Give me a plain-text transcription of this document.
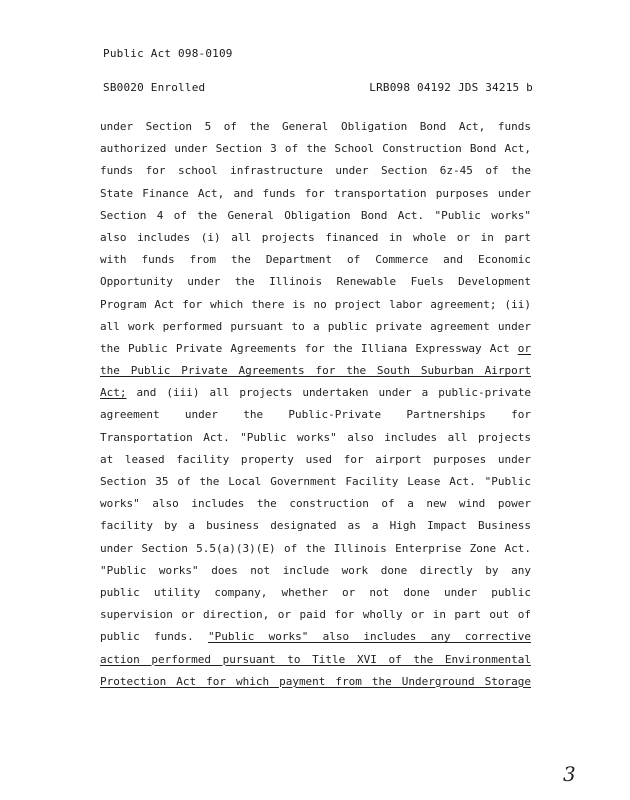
Public Act 098-0109
SB0020 Enrolled	LRB098 04192 JDS 34215 b
under Section 5 of the General Obligation Bond Act, funds
authorized under Section 3 of the School Construction Bond Act,
funds for school infrastructure under Section 6z-45 of the
State Finance Act, and funds for transportation purposes under
Section 4 of the General Obligation Bond Act. "Public works"
also includes (i) all projects financed in whole or in part
with funds from the Department of Commerce and Economic
Opportunity under the Illinois Renewable Fuels Development
Program Act for which there is no project labor agreement; (ii)
all work performed pursuant to a public private agreement under
the Public Private Agreements for the Illiana Expressway Act or
the Public Private Agreements for the South Suburban Airport
Act; and (iii) all projects undertaken under a public-private
agreement under the Public-Private Partnerships for
Transportation Act. "Public works" also includes all projects
at leased facility property used for airport purposes under
Section 35 of the Local Government Facility Lease Act. "Public
works" also includes the construction of a new wind power
facility by a business designated as a High Impact Business
under Section 5.5(a)(3)(E) of the Illinois Enterprise Zone Act.
"Public works" does not include work done directly by any
public utility company, whether or not done under public
supervision or direction, or paid for wholly or in part out of
public funds. "Public works" also includes any corrective
action performed pursuant to Title XVI of the Environmental
Protection Act for which payment from the Underground Storage
3
